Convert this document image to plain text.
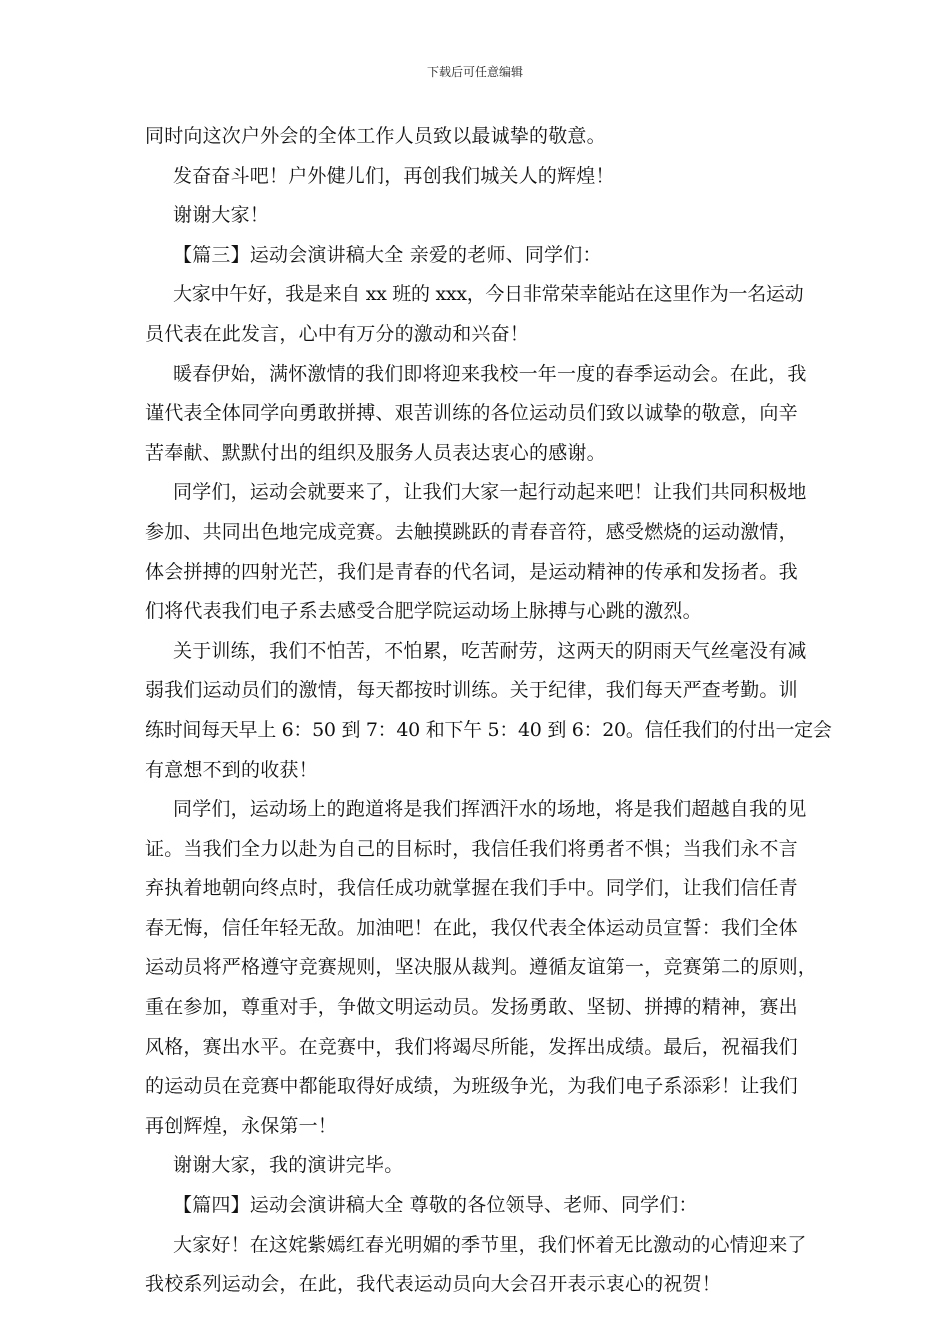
下载后可任意编辑
同时向这次户外会的全体工作人员致以最诚挚的敬意。
发奋奋斗吧！户外健儿们，再创我们城关人的辉煌！
谢谢大家！
【篇三】运动会演讲稿大全 亲爱的老师、同学们：
大家中午好，我是来自 xx 班的 xxx，今日非常荣幸能站在这里作为一名运动
员代表在此发言，心中有万分的激动和兴奋！
暖春伊始，满怀激情的我们即将迎来我校一年一度的春季运动会。在此，我
谨代表全体同学向勇敢拼搏、艰苦训练的各位运动员们致以诚挚的敬意，向辛
苦奉献、默默付出的组织及服务人员表达衷心的感谢。
同学们，运动会就要来了，让我们大家一起行动起来吧！让我们共同积极地
参加、共同出色地完成竞赛。去触摸跳跃的青春音符，感受燃烧的运动激情，
体会拼搏的四射光芒，我们是青春的代名词，是运动精神的传承和发扬者。我
们将代表我们电子系去感受合肥学院运动场上脉搏与心跳的激烈。
关于训练，我们不怕苦，不怕累，吃苦耐劳，这两天的阴雨天气丝毫没有减
弱我们运动员们的激情，每天都按时训练。关于纪律，我们每天严查考勤。训
练时间每天早上 6：50 到 7：40 和下午 5：40 到 6：20。信任我们的付出一定会
有意想不到的收获！
同学们，运动场上的跑道将是我们挥洒汗水的场地，将是我们超越自我的见
证。当我们全力以赴为自己的目标时，我信任我们将勇者不惧；当我们永不言
弃执着地朝向终点时，我信任成功就掌握在我们手中。同学们，让我们信任青
春无悔，信任年轻无敌。加油吧！在此，我仅代表全体运动员宣誓：我们全体
运动员将严格遵守竞赛规则，坚决服从裁判。遵循友谊第一，竞赛第二的原则，
重在参加，尊重对手，争做文明运动员。发扬勇敢、坚韧、拼搏的精神，赛出
风格，赛出水平。在竞赛中，我们将竭尽所能，发挥出成绩。最后，祝福我们
的运动员在竞赛中都能取得好成绩，为班级争光，为我们电子系添彩！让我们
再创辉煌，永保第一！
谢谢大家，我的演讲完毕。
【篇四】运动会演讲稿大全 尊敬的各位领导、老师、同学们：
大家好！在这姹紫嫣红春光明媚的季节里，我们怀着无比激动的心情迎来了
我校系列运动会，在此，我代表运动员向大会召开表示衷心的祝贺！
